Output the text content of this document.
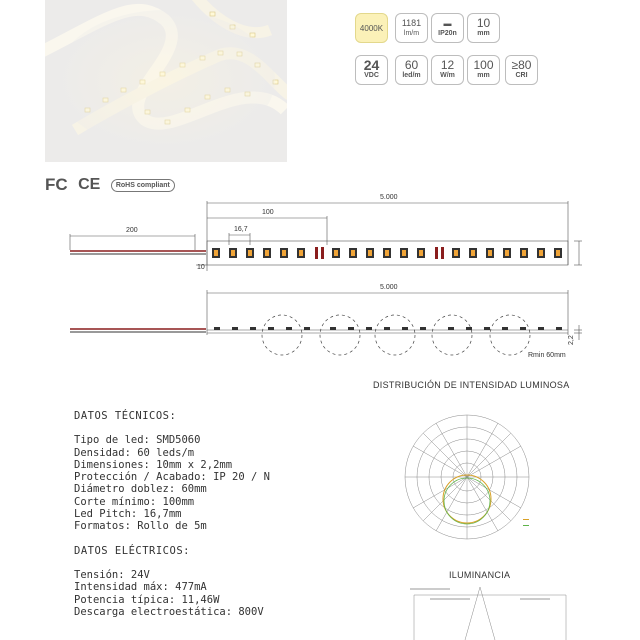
4000K
1181
lm/m
▬
IP20n
10
mm
24
VDC
60
led/m
12
W/m
100
mm
≥80
CRI
FC CE RoHS compliant
5.000
100
16,7
200
10
5.000
Rmin 60mm
2,2
DATOS TÉCNICOS:
Tipo de led: SMD5060
Densidad: 60 leds/m
Dimensiones: 10mm x 2,2mm
Protección / Acabado: IP 20 / N
Diámetro doblez: 60mm
Corte mínimo: 100mm
Led Pitch: 16,7mm
Formatos: Rollo de 5m
DATOS ELÉCTRICOS:
Tensión: 24V
Intensidad máx: 477mA
Potencia típica: 11,46W
Descarga electroestática: 800V
DISTRIBUCIÓN DE INTENSIDAD LUMINOSA
ILUMINANCIA
